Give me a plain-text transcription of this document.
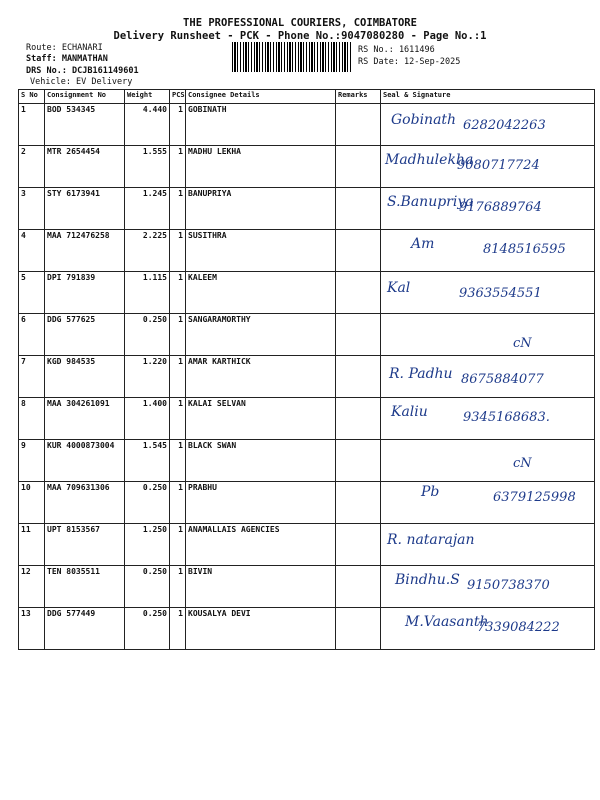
THE PROFESSIONAL COURIERS, COIMBATORE
Delivery Runsheet - PCK - Phone No.:9047080280 - Page No.:1
Route: ECHANARI
Staff: MANMATHAN
DRS No.: DCJB161149601
Vehicle: EV Delivery
RS No.: 1611496
RS Date: 12-Sep-2025
S No	Consignment No	Weight	PCS	Consignee Details	Remarks	Seal & Signature
1	BOD 534345	4.440	1	GOBINATH		Gobinath 6282042263

2	MTR 2654454	1.555	1	MADHU LEKHA		Madhulekha
9080717724

3	STY 6173941	1.245	1	BANUPRIYA		S.Banupriya
9176889764

4	MAA 712476258	2.225	1	SUSITHRA		Am 8148516595

5	DPI 791839	1.115	1	KALEEM		Kal 9363554551

6	DDG 577625	0.250	1	SANGARAMORTHY		cN

7	KGD 984535	1.220	1	AMAR KARTHICK		R. Padhu 8675884077

8	MAA 304261091	1.400	1	KALAI SELVAN		Kaliu 9345168683.

9	KUR 4000873004	1.545	1	BLACK SWAN		cN

10	MAA 709631306	0.250	1	PRABHU		Pb 6379125998

11	UPT 8153567	1.250	1	ANAMALLAIS AGENCIES		R. natarajan

12	TEN 8035511	0.250	1	BIVIN		Bindhu.S 9150738370

13	DDG 577449	0.250	1	KOUSALYA DEVI		M.Vaasanth
7339084222
